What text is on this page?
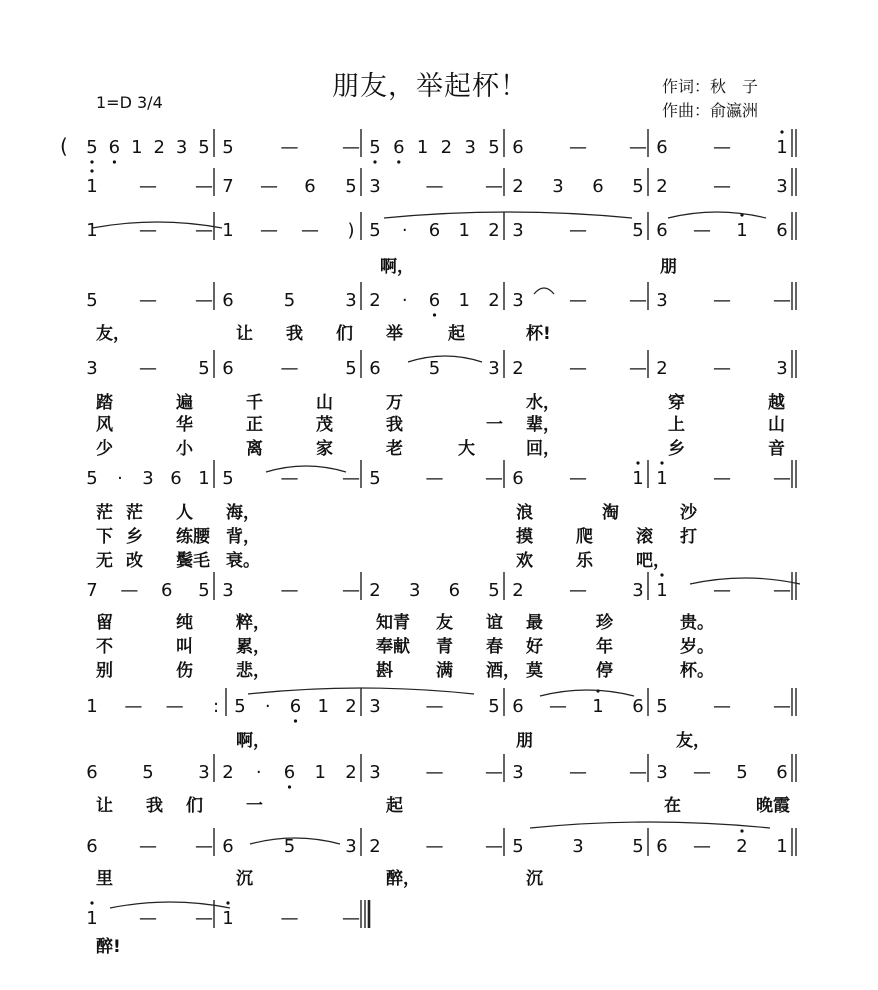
朋友，举起杯！	作词：秋　子
作曲：俞瀛洲
1=D 3/4
5 6 1 2 3 5 5	— — 5 6 1 2 3 5 6	— — 6	—	1
1 — — 7 — 6 5 3 — — 2 3 6 5 2	—	3
1 — — 1 — — ) 5 · 6 1 2 3	—	5 6 — 1 6
5 — — 6	5	3 2 · 6 1 2 3	— — 3	— —
3 — 5 6	—	5 6	5	3 2	— — 2	—	3
5 · 3 6 1 5	— — 5 — — 6	—	1 1	— —
7 — 6 5 3	— — 2 3 6 5 2	—	3 1	— —
1 — — : 5 · 6 1 2 3 — 5 6 — 1 6 5	— —
6 5 3 2 · 6 1 2 3 — — 3	— — 3 — 5 6
6 — — 6	5	3 2 — — 5	3	5 6 — 2 1
1 — — 1	— —
啊，	朋
友，	让 我 们 举	起	杯!
踏	遍	千	山	万	水，	穿	越
风	华	正	茂	我	一 辈，	上	山
少	小	离	家	老	大	回，	乡	音
茫 茫 人 海，	浪	淘	沙
下 乡 练腰 背，	摸	爬	滚 打
无 改 鬓毛 衰。	欢	乐	吧，
留	纯	粹，	知青 友 谊 最	珍	贵。
不	叫	累，	奉献 青 春 好	年	岁。
别	伤	悲，	斟	满 酒， 莫	停	杯。
啊，	朋	友，
让 我 们	一	起	在	晚霞
里	沉	醉，	沉
醉!
(
